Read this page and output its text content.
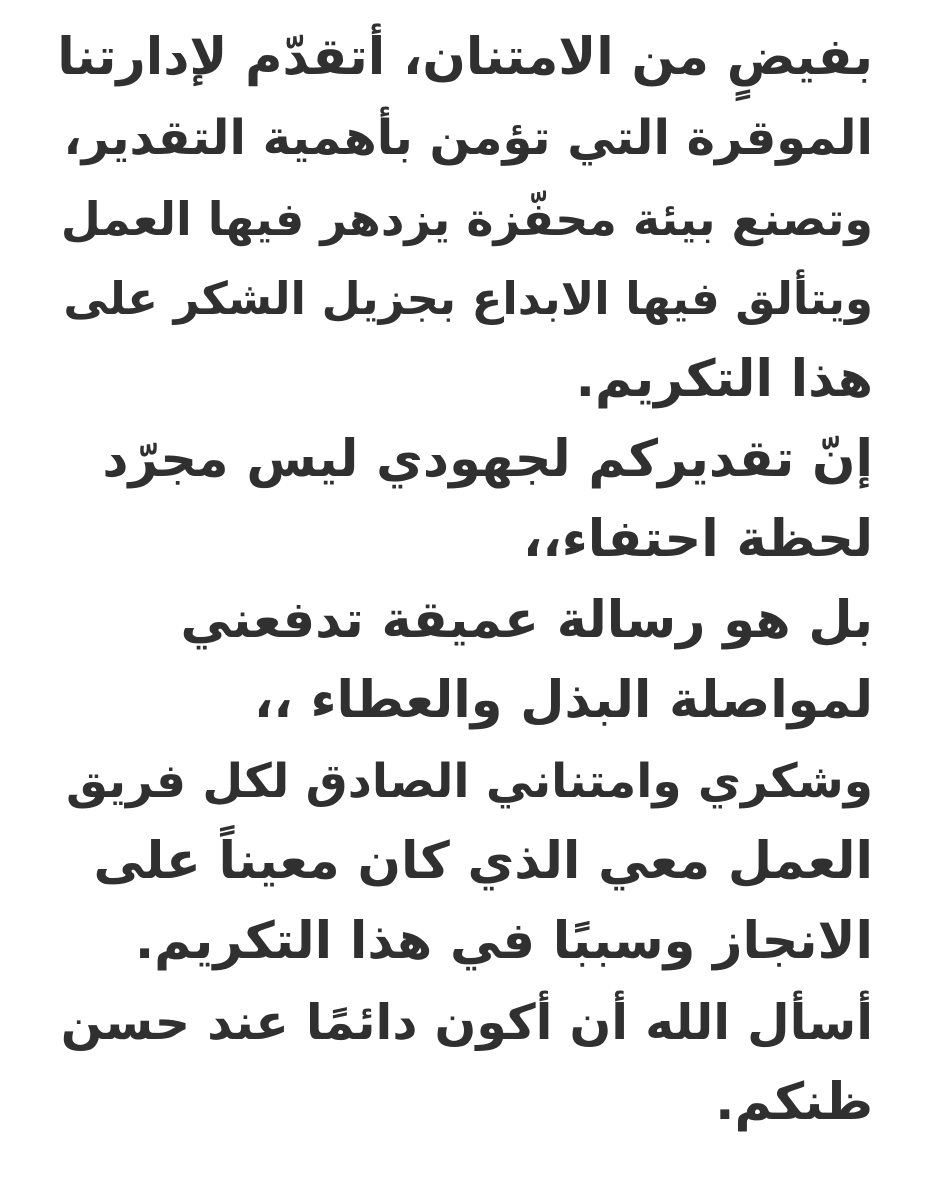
بفيضٍ من الامتنان، أتقدّم لإدارتنا
الموقرة التي تؤمن بأهمية التقدير،
وتصنع بيئة محفّزة يزدهر فيها العمل
ويتألق فيها الابداع بجزيل الشكر على
هذا التكريم.
إنّ تقديركم لجهودي ليس مجرّد
لحظة احتفاء،،
بل هو رسالة عميقة تدفعني
لمواصلة البذل والعطاء ،،
وشكري وامتناني الصادق لكل فريق
العمل معي الذي كان معيناً على
الانجاز وسببًا في هذا التكريم.
أسأل الله أن أكون دائمًا عند حسن
ظنكم.
